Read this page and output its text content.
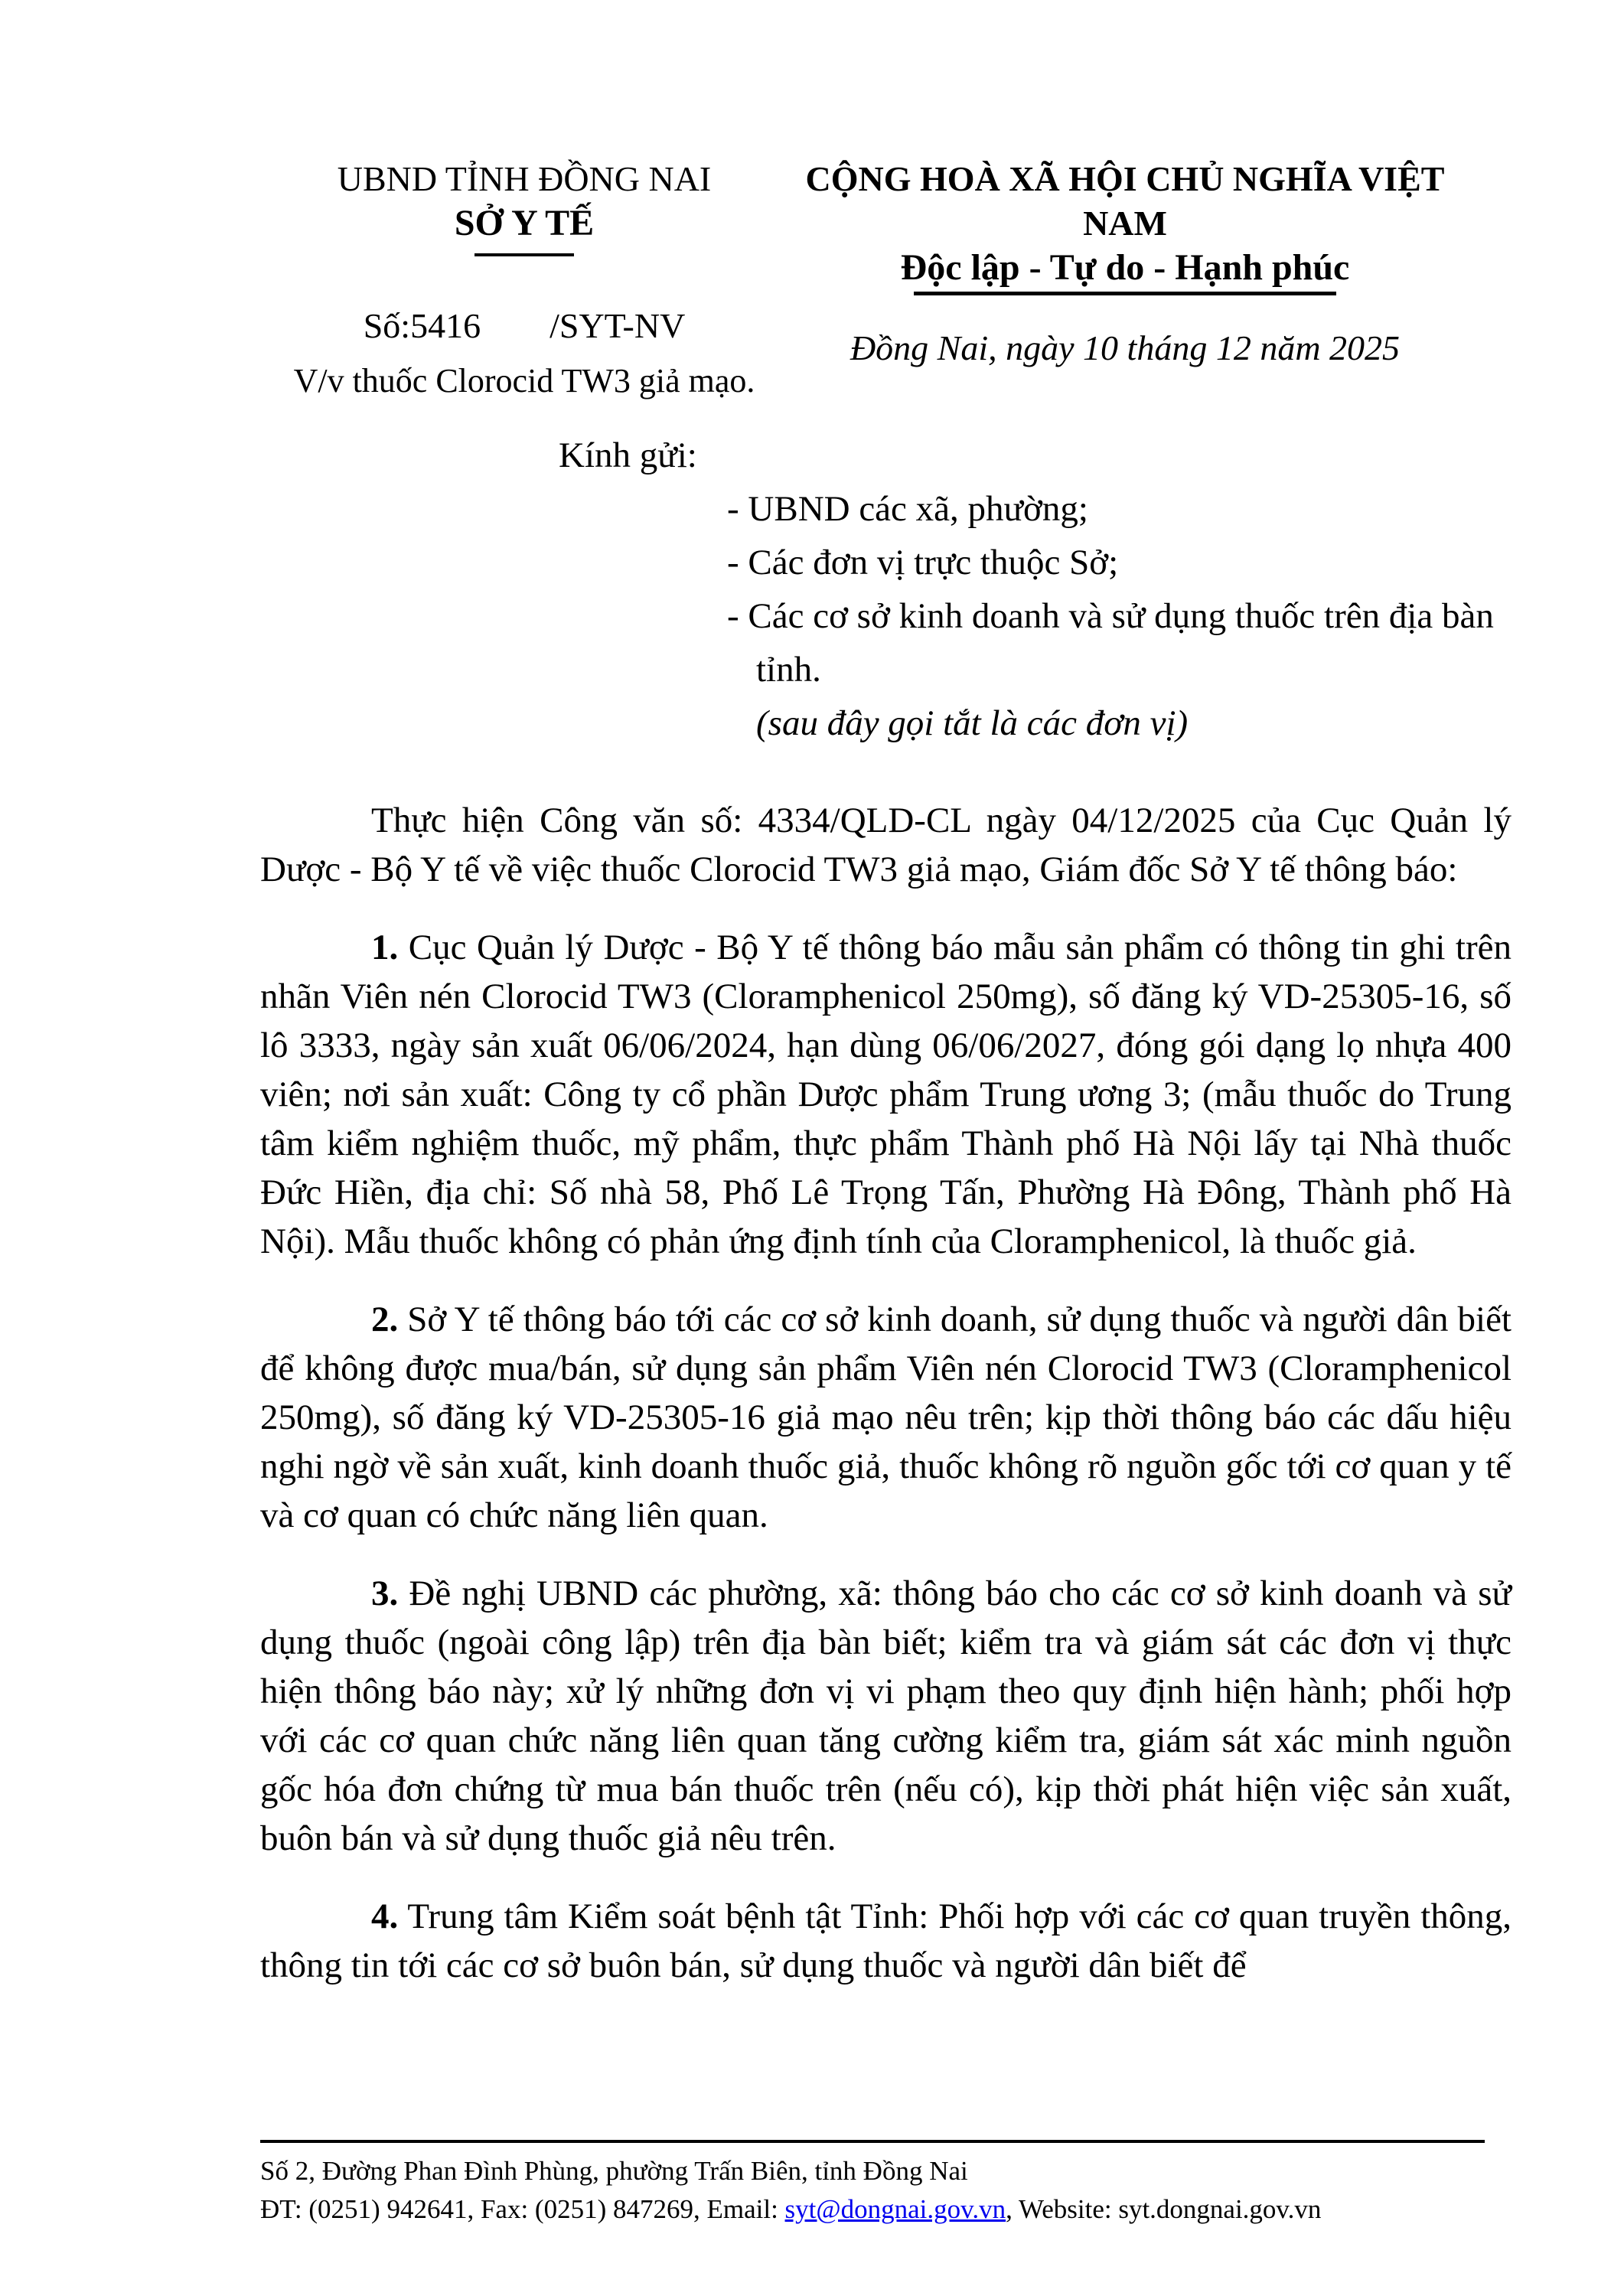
UBND TỈNH ĐỒNG NAI
SỞ Y TẾ
Số:5416 /SYT-NV
V/v thuốc Clorocid TW3 giả mạo.
CỘNG HOÀ XÃ HỘI CHỦ NGHĨA VIỆT NAM
Độc lập - Tự do - Hạnh phúc
Đồng Nai, ngày 10 tháng 12 năm 2025
Kính gửi:
- UBND các xã, phường;
- Các đơn vị trực thuộc Sở;
- Các cơ sở kinh doanh và sử dụng thuốc trên địa bàn tỉnh.
(sau đây gọi tắt là các đơn vị)

Thực hiện Công văn số: 4334/QLD-CL ngày 04/12/2025 của Cục Quản lý Dược - Bộ Y tế về việc thuốc Clorocid TW3 giả mạo, Giám đốc Sở Y tế thông báo:

1. Cục Quản lý Dược - Bộ Y tế thông báo mẫu sản phẩm có thông tin ghi trên nhãn Viên nén Clorocid TW3 (Cloramphenicol 250mg), số đăng ký VD-25305-16, số lô 3333, ngày sản xuất 06/06/2024, hạn dùng 06/06/2027, đóng gói dạng lọ nhựa 400 viên; nơi sản xuất: Công ty cổ phần Dược phẩm Trung ương 3; (mẫu thuốc do Trung tâm kiểm nghiệm thuốc, mỹ phẩm, thực phẩm Thành phố Hà Nội lấy tại Nhà thuốc Đức Hiền, địa chỉ: Số nhà 58, Phố Lê Trọng Tấn, Phường Hà Đông, Thành phố Hà Nội). Mẫu thuốc không có phản ứng định tính của Cloramphenicol, là thuốc giả.

2. Sở Y tế thông báo tới các cơ sở kinh doanh, sử dụng thuốc và người dân biết để không được mua/bán, sử dụng sản phẩm Viên nén Clorocid TW3 (Cloramphenicol 250mg), số đăng ký VD-25305-16 giả mạo nêu trên; kịp thời thông báo các dấu hiệu nghi ngờ về sản xuất, kinh doanh thuốc giả, thuốc không rõ nguồn gốc tới cơ quan y tế và cơ quan có chức năng liên quan.

3. Đề nghị UBND các phường, xã: thông báo cho các cơ sở kinh doanh và sử dụng thuốc (ngoài công lập) trên địa bàn biết; kiểm tra và giám sát các đơn vị thực hiện thông báo này; xử lý những đơn vị vi phạm theo quy định hiện hành; phối hợp với các cơ quan chức năng liên quan tăng cường kiểm tra, giám sát xác minh nguồn gốc hóa đơn chứng từ mua bán thuốc trên (nếu có), kịp thời phát hiện việc sản xuất, buôn bán và sử dụng thuốc giả nêu trên.

4. Trung tâm Kiểm soát bệnh tật Tỉnh: Phối hợp với các cơ quan truyền thông, thông tin tới các cơ sở buôn bán, sử dụng thuốc và người dân biết để

Số 2, Đường Phan Đình Phùng, phường Trấn Biên, tỉnh Đồng Nai
ĐT: (0251) 942641, Fax: (0251) 847269, Email: syt@dongnai.gov.vn, Website: syt.dongnai.gov.vn
